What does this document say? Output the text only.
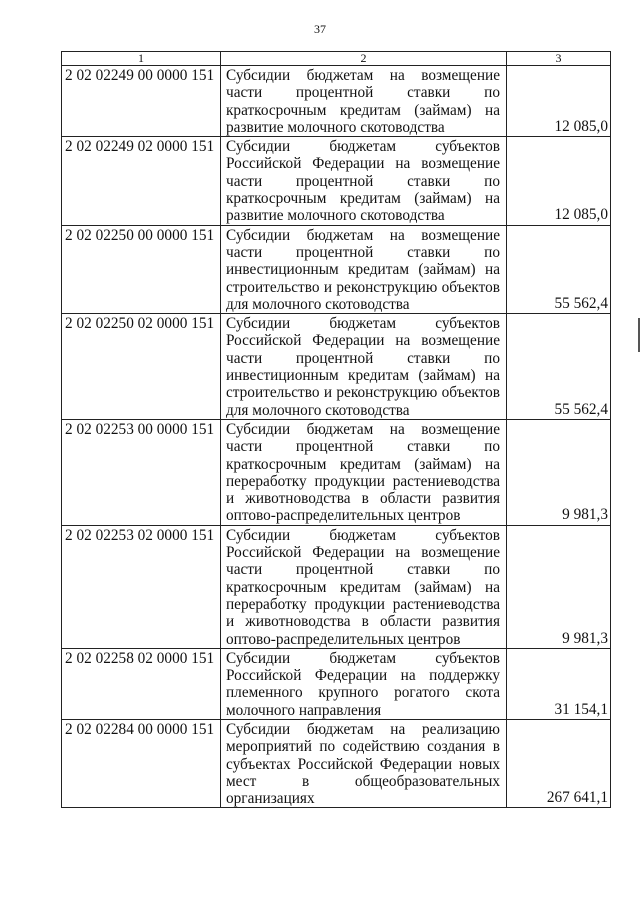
37
1	2	3
2 02 02249 00 0000 151	Субсидии бюджетам на возмещение части процентной ставки по краткосрочным кредитам (займам) на развитие молочного скотоводства	12 085,0
2 02 02249 02 0000 151	Субсидии бюджетам субъектов Российской Федерации на возмещение части процентной ставки по краткосрочным кредитам (займам) на развитие молочного скотоводства	12 085,0
2 02 02250 00 0000 151	Субсидии бюджетам на возмещение части процентной ставки по инвестиционным кредитам (займам) на строительство и реконструкцию объектов для молочного скотоводства	55 562,4
2 02 02250 02 0000 151	Субсидии бюджетам субъектов Российской Федерации на возмещение части процентной ставки по инвестиционным кредитам (займам) на строительство и реконструкцию объектов для молочного скотоводства	55 562,4
2 02 02253 00 0000 151	Субсидии бюджетам на возмещение части процентной ставки по краткосрочным кредитам (займам) на переработку продукции растениеводства и животноводства в области развития оптово-распределительных центров	9 981,3
2 02 02253 02 0000 151	Субсидии бюджетам субъектов Российской Федерации на возмещение части процентной ставки по краткосрочным кредитам (займам) на переработку продукции растениеводства и животноводства в области развития оптово-распределительных центров	9 981,3
2 02 02258 02 0000 151	Субсидии бюджетам субъектов Российской Федерации на поддержку племенного крупного рогатого скота молочного направления	31 154,1
2 02 02284 00 0000 151	Субсидии бюджетам на реализацию мероприятий по содействию создания в субъектах Российской Федерации новых мест в общеобразовательных организациях	267 641,1
